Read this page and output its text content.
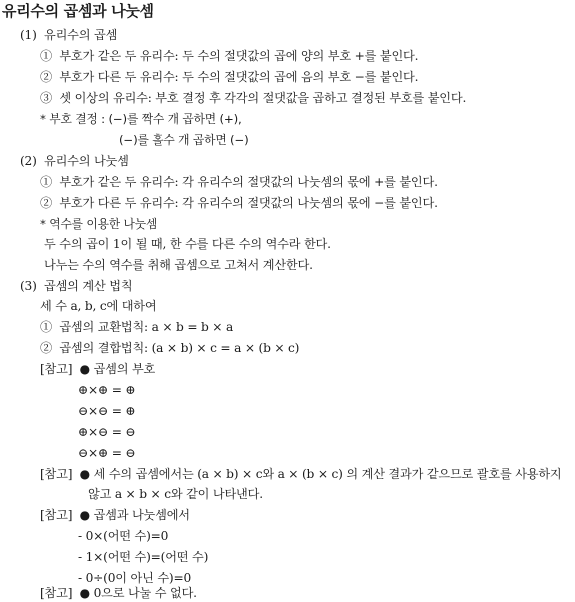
유리수의 곱셈과 나눗셈
(1) 유리수의 곱셈
① 부호가 같은 두 유리수: 두 수의 절댓값의 곱에 양의 부호 +를 붙인다.
② 부호가 다른 두 유리수: 두 수의 절댓값의 곱에 음의 부호 −를 붙인다.
③ 셋 이상의 유리수: 부호 결정 후 각각의 절댓값을 곱하고 결정된 부호를 붙인다.
* 부호 결정 : (−)를 짝수 개 곱하면 (+),
(−)를 홀수 개 곱하면 (−)
(2) 유리수의 나눗셈
① 부호가 같은 두 유리수: 각 유리수의 절댓값의 나눗셈의 몫에 +를 붙인다.
② 부호가 다른 두 유리수: 각 유리수의 절댓값의 나눗셈의 몫에 −를 붙인다.
* 역수를 이용한 나눗셈
두 수의 곱이 1이 될 때, 한 수를 다른 수의 역수라 한다.
나누는 수의 역수를 취해 곱셈으로 고쳐서 계산한다.
(3) 곱셈의 계산 법칙
세 수 a, b, c에 대하여
① 곱셈의 교환법칙: a × b = b × a
② 곱셈의 결합법칙: (a × b) × c = a × (b × c)
[참고] ● 곱셈의 부호
⊕×⊕ = ⊕
⊖×⊖ = ⊕
⊕×⊖ = ⊖
⊖×⊕ = ⊖
[참고] ● 세 수의 곱셈에서는 (a × b) × c와 a × (b × c) 의 계산 결과가 같으므로 괄호를 사용하지
않고 a × b × c와 같이 나타낸다.
[참고] ● 곱셈과 나눗셈에서
- 0×(어떤 수)=0
- 1×(어떤 수)=(어떤 수)
- 0÷(0이 아닌 수)=0
[참고] ● 0으로 나눌 수 없다.
